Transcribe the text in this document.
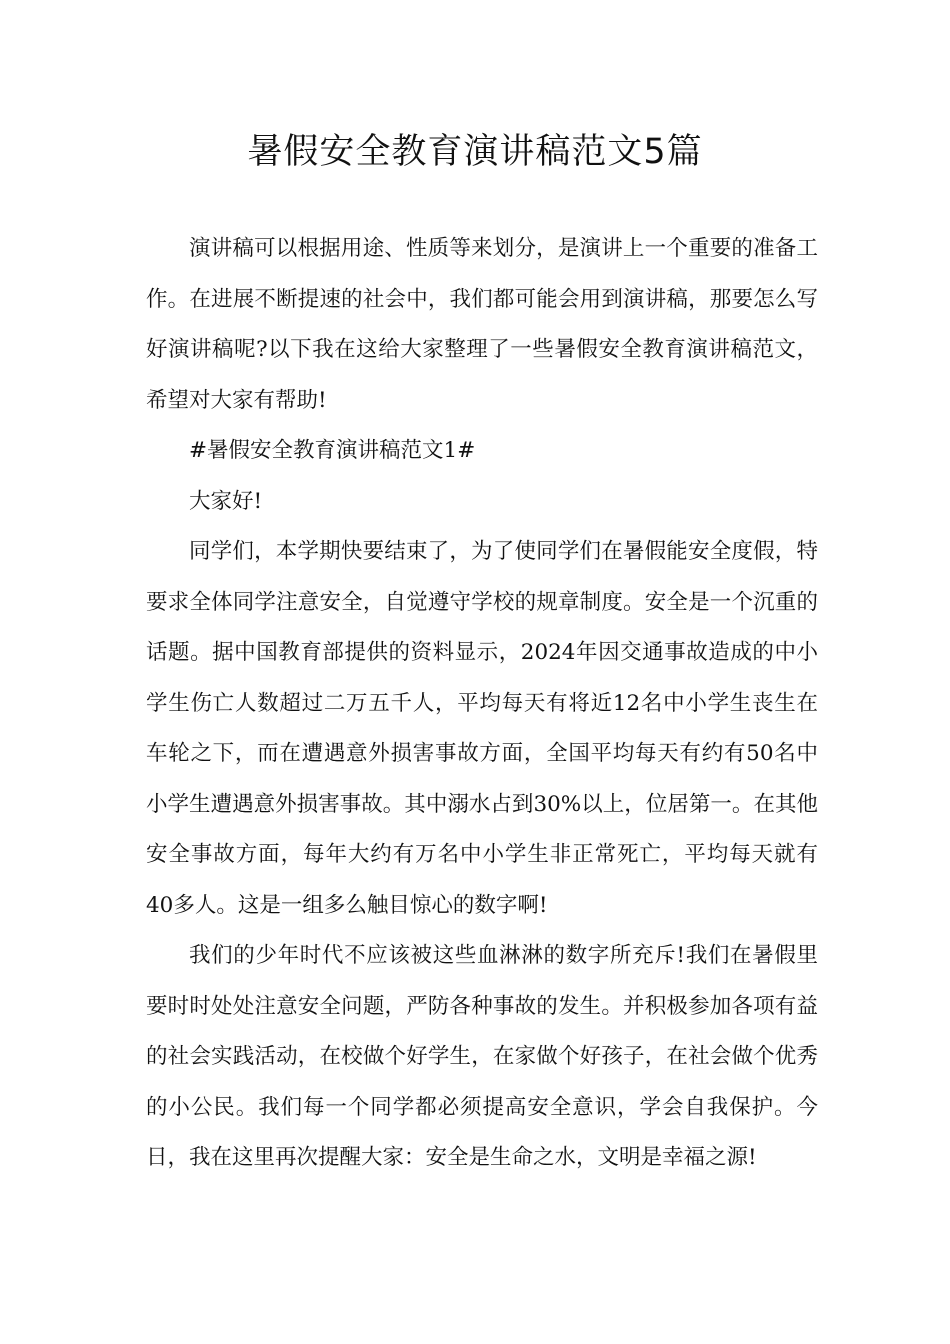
暑假安全教育演讲稿范文5篇

演讲稿可以根据用途、性质等来划分，是演讲上一个重要的准备工作。在进展不断提速的社会中，我们都可能会用到演讲稿，那要怎么写好演讲稿呢?以下我在这给大家整理了一些暑假安全教育演讲稿范文，希望对大家有帮助!

#暑假安全教育演讲稿范文1#

大家好!

同学们，本学期快要结束了，为了使同学们在暑假能安全度假，特要求全体同学注意安全，自觉遵守学校的规章制度。安全是一个沉重的话题。据中国教育部提供的资料显示，2024年因交通事故造成的中小学生伤亡人数超过二万五千人，平均每天有将近12名中小学生丧生在车轮之下，而在遭遇意外损害事故方面，全国平均每天有约有50名中小学生遭遇意外损害事故。其中溺水占到30%以上，位居第一。在其他安全事故方面，每年大约有万名中小学生非正常死亡，平均每天就有40多人。这是一组多么触目惊心的数字啊!

我们的少年时代不应该被这些血淋淋的数字所充斥!我们在暑假里要时时处处注意安全问题，严防各种事故的发生。并积极参加各项有益的社会实践活动，在校做个好学生，在家做个好孩子，在社会做个优秀的小公民。我们每一个同学都必须提高安全意识，学会自我保护。今日，我在这里再次提醒大家：安全是生命之水，文明是幸福之源!
